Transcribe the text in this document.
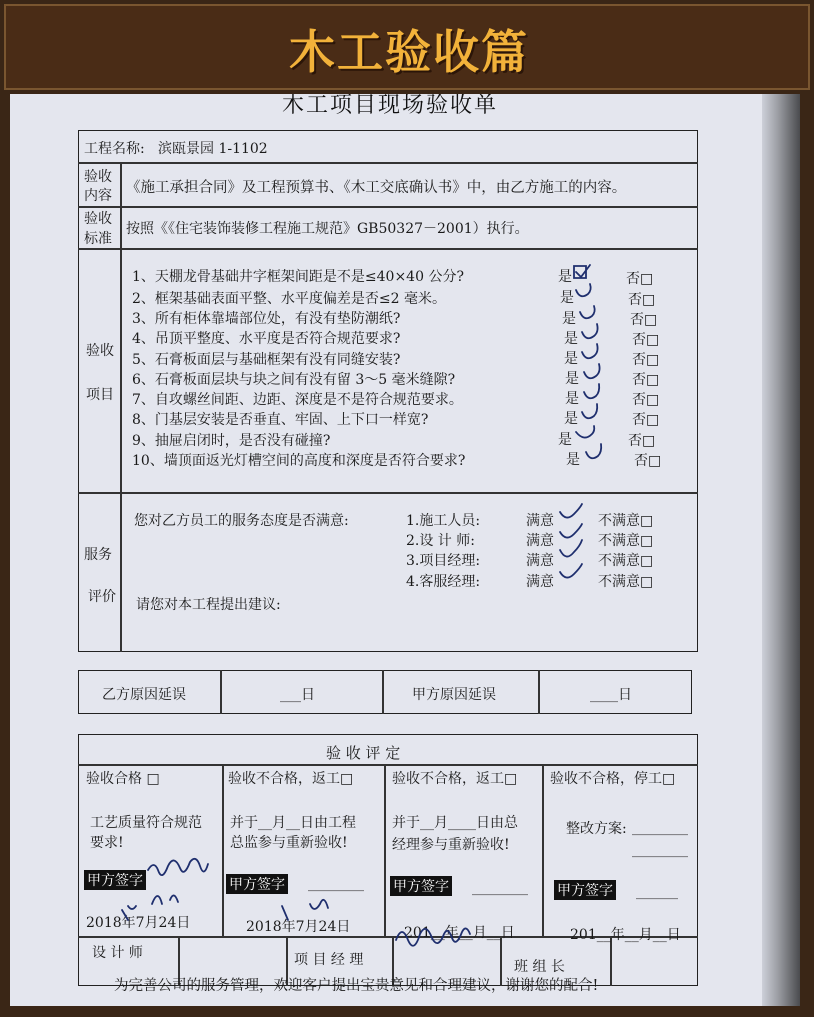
木工验收篇
木工项目现场验收单
工程名称: 滨瓯景园 1-1102
验收
内容 《施工承担合同》及工程预算书、《木工交底确认书》中，由乙方施工的内容。
验收
标准
按照《《住宅装饰装修工程施工规范》GB50327－2001）执行。
验收
项目
1、天棚龙骨基础井字框架间距是不是≤40×40 公分?	是	否□
2、框架基础表面平整、水平度偏差是否≤2 毫米。	是	否□
3、所有柜体靠墙部位处，有没有垫防潮纸?	是	否□
4、吊顶平整度、水平度是否符合规范要求?	是	否□
5、石膏板面层与基础框架有没有同缝安装?	是	否□
6、石膏板面层块与块之间有没有留 3～5 毫米缝隙?	是	否□
7、自攻螺丝间距、边距、深度是不是符合规范要求。	是	否□
8、门基层安装是否垂直、牢固、上下口一样宽?	是	否□
9、抽屉启闭时，是否没有碰撞?	是	否□
10、墙顶面返光灯槽空间的高度和深度是否符合要求?	是	否□
服务
评价
您对乙方员工的服务态度是否满意:	1.施工人员:	满意	不满意□
2.设 计 师:	满意	不满意□
3.项目经理:	满意	不满意□
4.客服经理:	满意	不满意□
请您对本工程提出建议:
乙方原因延误	___日	甲方原因延误	____日
验 收 评 定
验收合格 □
工艺质量符合规范
要求!
甲方签字
2018年7月24日
验收不合格，返工□
并于__月__日由工程
总监参与重新验收!
甲方签字 ________
2018年7月24日
验收不合格，返工□
并于__月____日由总
经理参与重新验收!
甲方签字 ________
201__年__月__日
验收不合格，停工□
整改方案: ________
________
甲方签字 ______
201__年__月__日
设 计 师	项 目 经 理	班 组 长
为完善公司的服务管理，欢迎客户提出宝贵意见和合理建议，谢谢您的配合!
